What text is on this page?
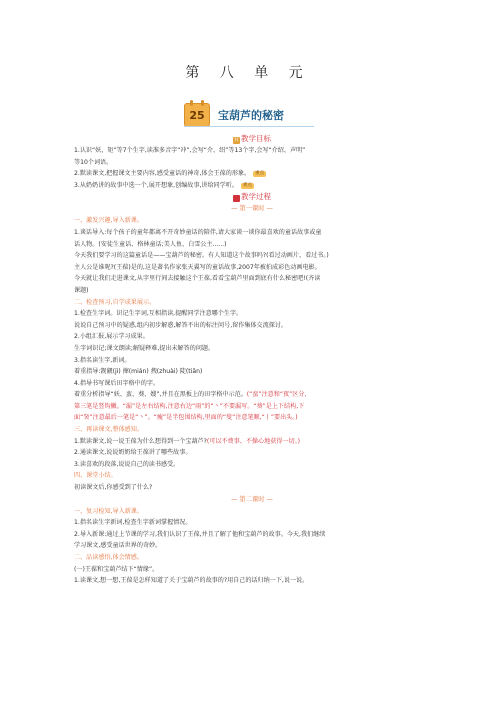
第 八 单 元
25	宝葫芦的秘密
目 教学目标
1.认识“妖、矩”等7个生字,读准多音字“冲”,会写“介、绍”等13个字,会写“介绍、声明”
等10个词语。
2.默读课文,把握课文主要内容,感受童话的神奇,体会王葆的形象。 重点
3.从奶奶讲的故事中选一个,展开想象,创编故事,讲给同学听。 难点
N 教学过程
— 第一课时 —
一、激发兴趣,导入新课。
1.谈话导入:每个孩子的童年都离不开奇妙童话的陪伴,请大家谈一谈你最喜欢的童话故事或童
话人物。(安徒生童话、格林童话;美人鱼、白雪公主......)
今天我们要学习的这篇童话是——宝葫芦的秘密。有人知道这个故事吗?(看过动画片、看过书。)
主人公是谁呢?(王葆)是的,这是著名作家张天翼写的童话故事,2007年被拍成彩色动画电影。
今天就让我们走进课文,从字里行间去接触这个王葆,看看宝葫芦里面到底有什么秘密吧!(齐读
课题)
二、检查预习,自学成果展示。
1.检查生字词。识记生字词,互相指读,提醒同学注意哪个生字。
说说自己预习中的疑惑,组内初步解惑,解答不出的标注问号,留作集体交流探讨。
2.小组汇报,展示学习成果。
生字词识记;课文朗读;解疑释难,提出未解答的问题。
3.指名读生字,新词。
着重指导:觊觎(jì) 撺(mián) 拽(zhuài) 陡(tiǎn)
4.指导书写课后田字格中的字。
着重分析指导“妖、蛮、葵、嫂”,并且在黑板上的田字格中示范。(“蛮”注意和“夜”区分,
第三笔是竖钩撇。“漏”是左右结构,注意右边“雨”的“丶”不要漏写。“葵”是上下结构,下
面“癸”注意最后一笔是“丶”。“瘦”是半包围结构,里面的“叟”注意笔顺,“丨”要出头。)
三、再读课文,整体感知。
1.默读课文,说一说王葆为什么想得到一个宝葫芦?(可以不费事、不操心地获得一切。)
2.通读课文,说说奶奶给王葆讲了哪些故事。
3.读喜欢的段落,说说自己的读书感受。
四、课堂小结。
初读课文后,你感受到了什么?
— 第二课时 —
一、复习检知,导入新课。
1.指名读生字新词,检查生字新词掌握情况。
2.导入新课:通过上节课的学习,我们认识了王葆,并且了解了他和宝葫芦的故事。今天,我们继续
学习课文,感受童话世界的奇妙。
二、品读感悟,体会情感。
(一)王葆和宝葫芦结下“情缘”。
1.读课文,想一想,王葆是怎样知道了关于宝葫芦的故事的?用自己的话归纳一下,说一说。
